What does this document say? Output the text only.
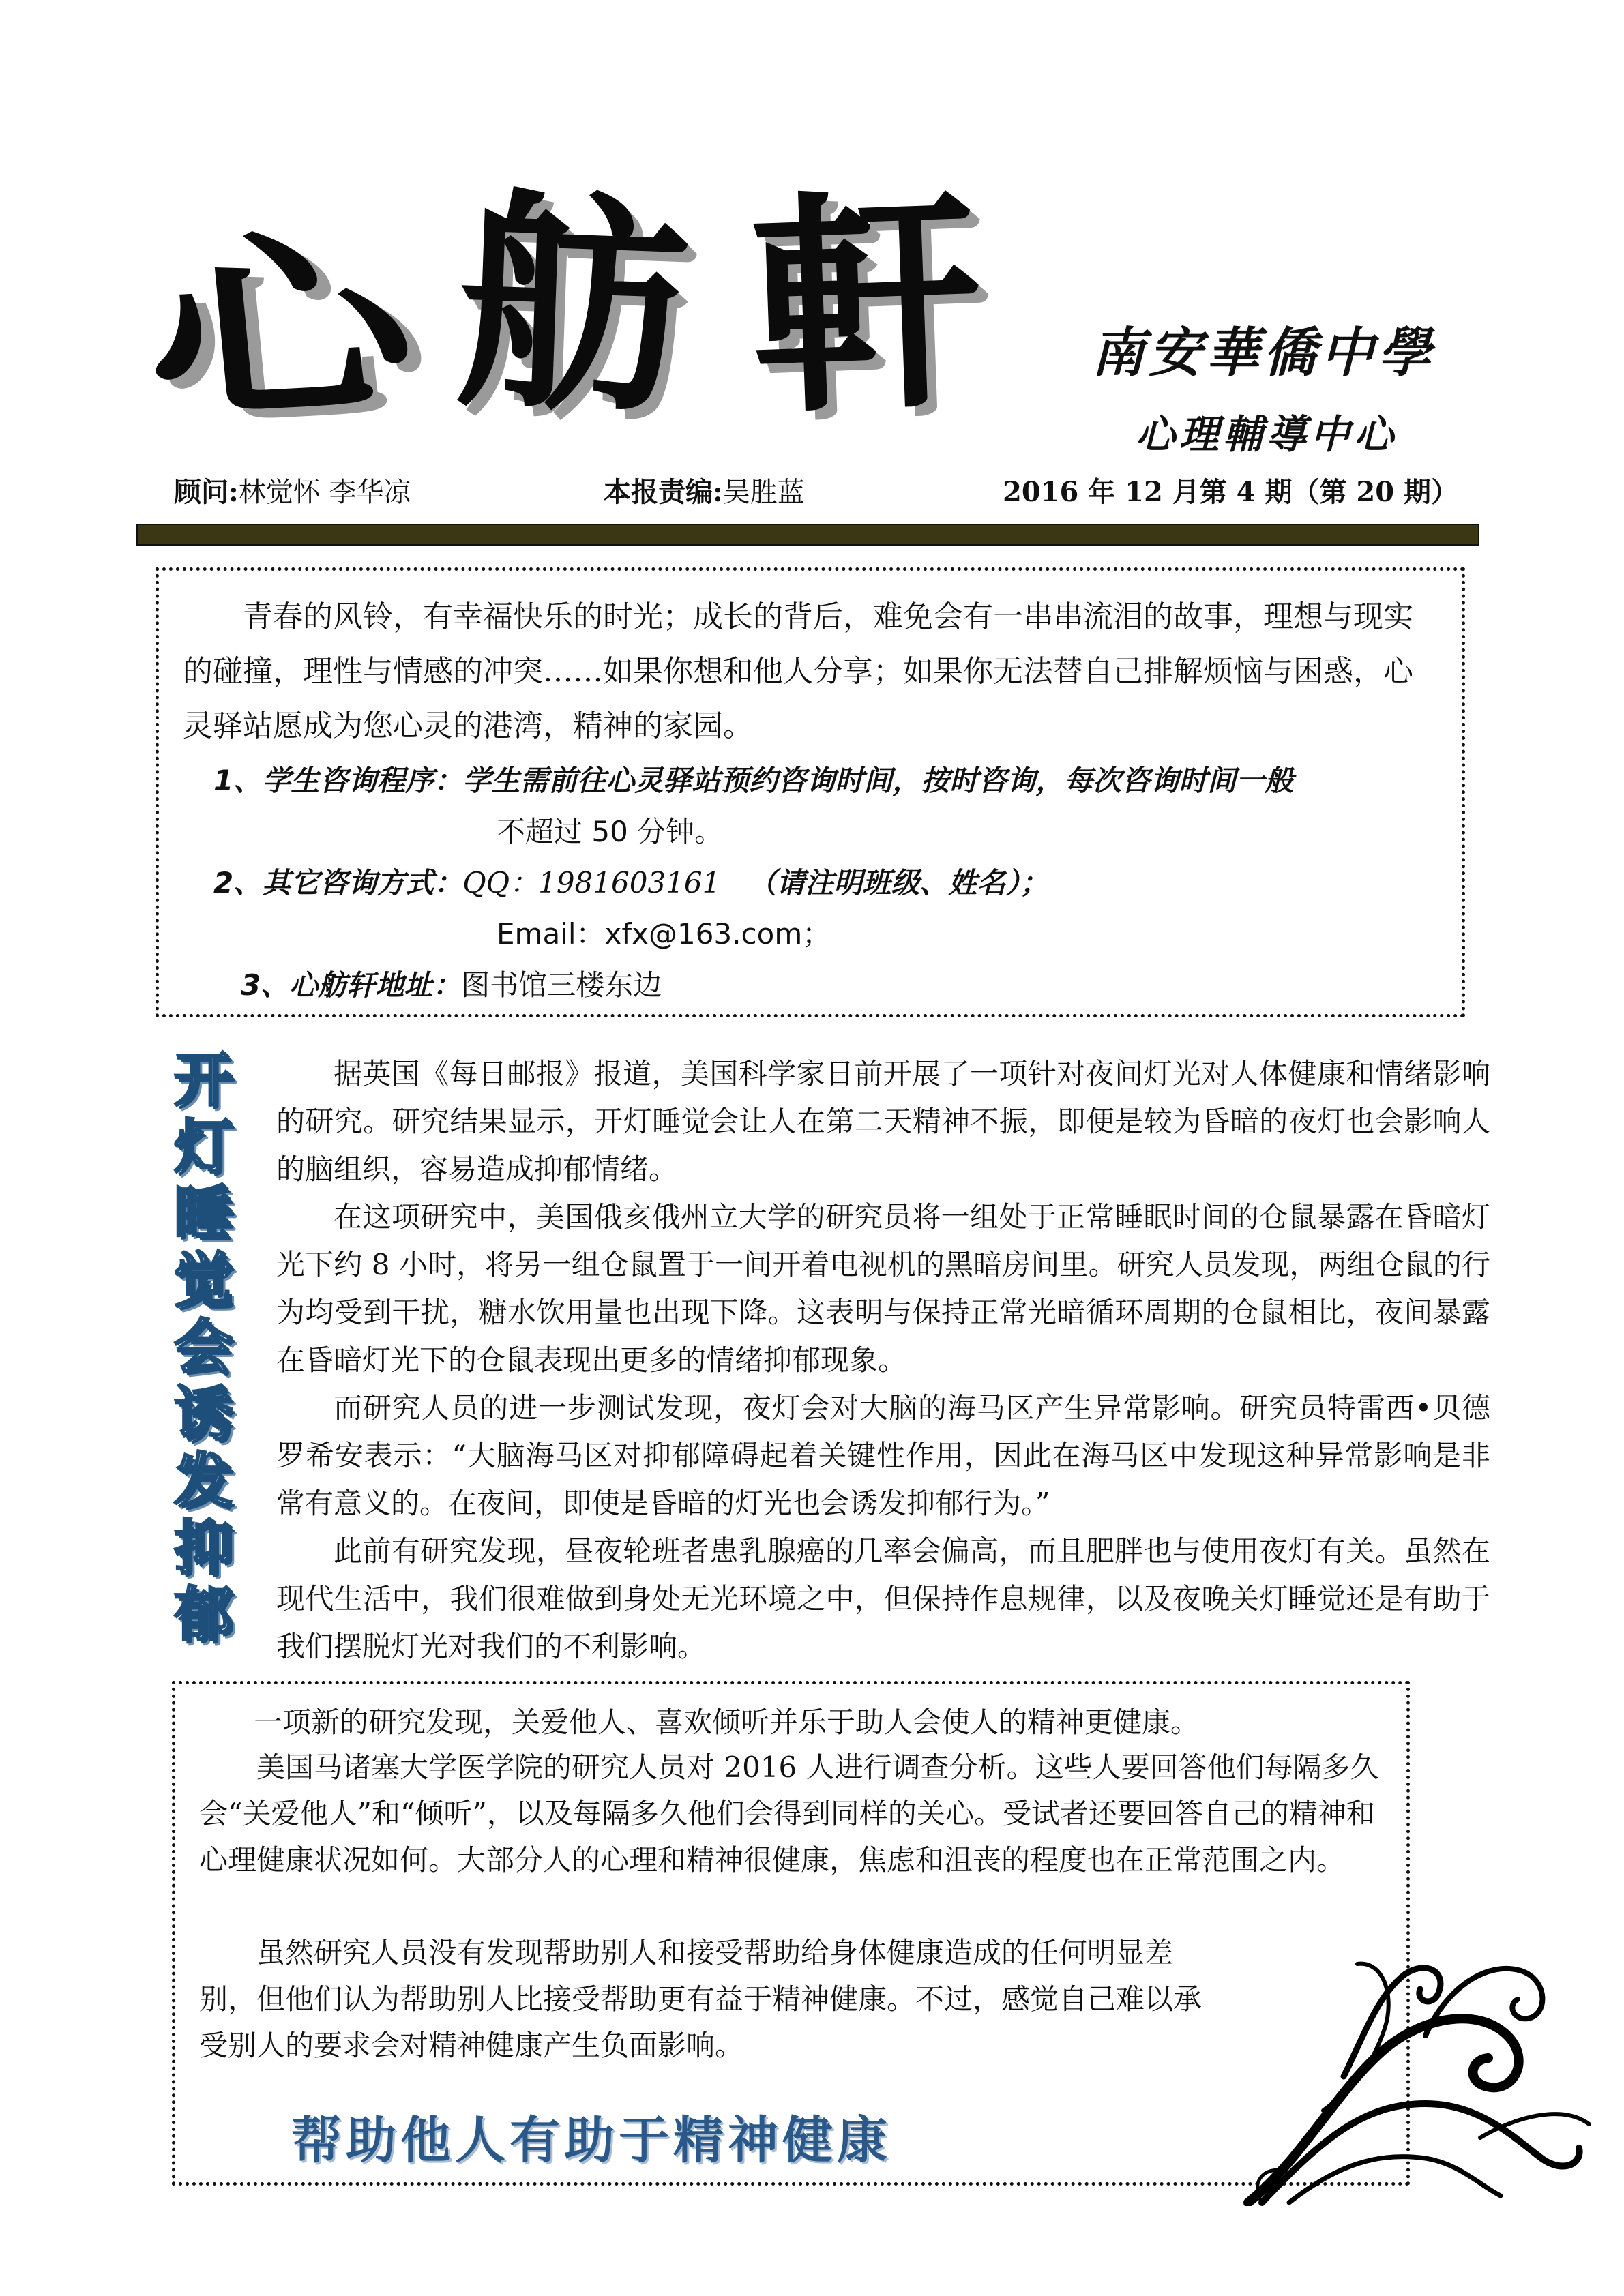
心 舫 軒 南安華僑中學
心理輔導中心
顾问:林觉怀 李华凉	本报责编:吴胜蓝	2016 年 12 月第 4 期（第 20 期）
青春的风铃，有幸福快乐的时光；成长的背后，难免会有一串串流泪的故事，理想与现实的碰撞，理性与情感的冲突……如果你想和他人分享；如果你无法替自己排解烦恼与困惑，心灵驿站愿成为您心灵的港湾，精神的家园。
1、学生咨询程序：学生需前往心灵驿站预约咨询时间，按时咨询，每次咨询时间一般
不超过 50 分钟。
2、其它咨询方式：QQ：1981603161 （请注明班级、姓名）；
Email：xfx@163.com；
3、心舫轩地址：图书馆三楼东边
开
灯
睡
觉
会
诱
发
抑
郁

据英国《每日邮报》报道，美国科学家日前开展了一项针对夜间灯光对人体健康和情绪影响的研究。研究结果显示，开灯睡觉会让人在第二天精神不振，即便是较为昏暗的夜灯也会影响人的脑组织，容易造成抑郁情绪。

在这项研究中，美国俄亥俄州立大学的研究员将一组处于正常睡眠时间的仓鼠暴露在昏暗灯光下约 8 小时，将另一组仓鼠置于一间开着电视机的黑暗房间里。研究人员发现，两组仓鼠的行为均受到干扰，糖水饮用量也出现下降。这表明与保持正常光暗循环周期的仓鼠相比，夜间暴露在昏暗灯光下的仓鼠表现出更多的情绪抑郁现象。

而研究人员的进一步测试发现，夜灯会对大脑的海马区产生异常影响。研究员特雷西•贝德罗希安表示：“大脑海马区对抑郁障碍起着关键性作用，因此在海马区中发现这种异常影响是非常有意义的。在夜间，即使是昏暗的灯光也会诱发抑郁行为。”

此前有研究发现，昼夜轮班者患乳腺癌的几率会偏高，而且肥胖也与使用夜灯有关。虽然在现代生活中，我们很难做到身处无光环境之中，但保持作息规律，以及夜晚关灯睡觉还是有助于我们摆脱灯光对我们的不利影响。

一项新的研究发现，关爱他人、喜欢倾听并乐于助人会使人的精神更健康。

美国马诸塞大学医学院的研究人员对 2016 人进行调查分析。这些人要回答他们每隔多久会“关爱他人”和“倾听”，以及每隔多久他们会得到同样的关心。受试者还要回答自己的精神和心理健康状况如何。大部分人的心理和精神很健康，焦虑和沮丧的程度也在正常范围之内。

虽然研究人员没有发现帮助别人和接受帮助给身体健康造成的任何明显差别，但他们认为帮助别人比接受帮助更有益于精神健康。不过，感觉自己难以承受别人的要求会对精神健康产生负面影响。

帮助他人有助于精神健康
